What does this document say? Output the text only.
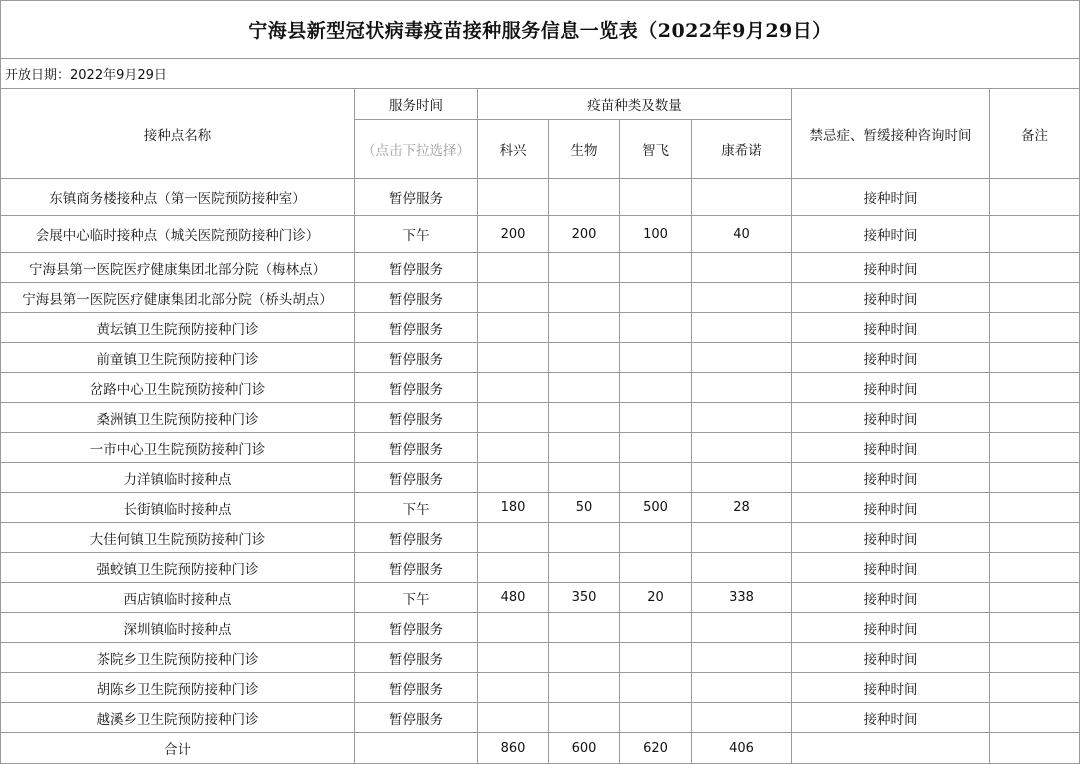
宁海县新型冠状病毒疫苗接种服务信息一览表（2022年9月29日）
开放日期：2022年9月29日
接种点名称	服务时间	疫苗种类及数量				禁忌症、暂缓接种咨询时间	备注
	（点击下拉选择）	科兴	生物	智飞	康希诺		
东镇商务楼接种点（第一医院预防接种室）	暂停服务					接种时间	
会展中心临时接种点（城关医院预防接种门诊）	下午	200	200	100	40	接种时间	
宁海县第一医院医疗健康集团北部分院（梅林点）	暂停服务					接种时间	
宁海县第一医院医疗健康集团北部分院（桥头胡点）	暂停服务					接种时间	
黄坛镇卫生院预防接种门诊	暂停服务					接种时间	
前童镇卫生院预防接种门诊	暂停服务					接种时间	
岔路中心卫生院预防接种门诊	暂停服务					接种时间	
桑洲镇卫生院预防接种门诊	暂停服务					接种时间	
一市中心卫生院预防接种门诊	暂停服务					接种时间	
力洋镇临时接种点	暂停服务					接种时间	
长街镇临时接种点	下午	180	50	500	28	接种时间	
大佳何镇卫生院预防接种门诊	暂停服务					接种时间	
强蛟镇卫生院预防接种门诊	暂停服务					接种时间	
西店镇临时接种点	下午	480	350	20	338	接种时间	
深圳镇临时接种点	暂停服务					接种时间	
茶院乡卫生院预防接种门诊	暂停服务					接种时间	
胡陈乡卫生院预防接种门诊	暂停服务					接种时间	
越溪乡卫生院预防接种门诊	暂停服务					接种时间	
合计		860	600	620	406		
